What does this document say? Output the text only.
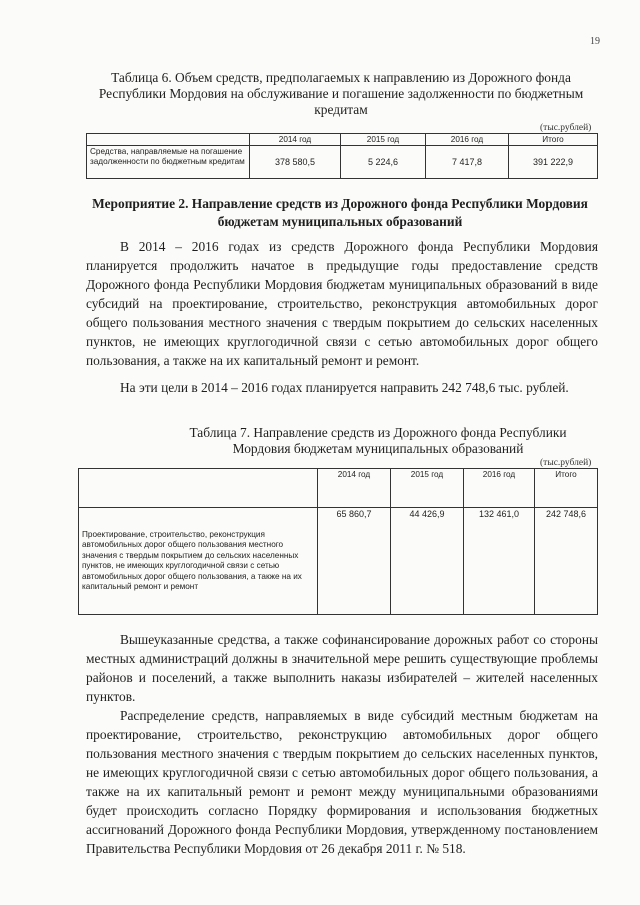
19
Таблица 6. Объем средств, предполагаемых к направлению из Дорожного фонда Республики Мордовия на обслуживание и погашение задолженности по бюджетным кредитам
(тыс.рублей)
	2014 год	2015 год	2016 год	Итого
Средства, направляемые на погашение задолженности по бюджетным кредитам	378 580,5	5 224,6	7 417,8	391 222,9
Мероприятие 2. Направление средств из Дорожного фонда Республики Мордовия бюджетам муниципальных образований

В 2014 – 2016 годах из средств Дорожного фонда Республики Мордовия планируется продолжить начатое в предыдущие годы предоставление средств Дорожного фонда Республики Мордовия бюджетам муниципальных образований в виде субсидий на проектирование, строительство, реконструкция автомобильных дорог общего пользования местного значения с твердым покрытием до сельских населенных пунктов, не имеющих круглогодичной связи с сетью автомобильных дорог общего пользования, а также на их капитальный ремонт и ремонт.

На эти цели в 2014 – 2016 годах планируется направить 242 748,6 тыс. рублей.

Таблица 7. Направление средств из Дорожного фонда Республики Мордовия бюджетам муниципальных образований
(тыс.рублей)
	2014 год	2015 год	2016 год	Итого
Проектирование, строительство, реконструкция автомобильных дорог общего пользования местного значения с твердым покрытием до сельских населенных пунктов, не имеющих круглогодичной связи с сетью автомобильных дорог общего пользования, а также на их капитальный ремонт и ремонт	65 860,7	44 426,9	132 461,0	242 748,6

Вышеуказанные средства, а также софинансирование дорожных работ со стороны местных администраций должны в значительной мере решить существующие проблемы районов и поселений, а также выполнить наказы избирателей – жителей населенных пунктов.

Распределение средств, направляемых в виде субсидий местным бюджетам на проектирование, строительство, реконструкцию автомобильных дорог общего пользования местного значения с твердым покрытием до сельских населенных пунктов, не имеющих круглогодичной связи с сетью автомобильных дорог общего пользования, а также на их капитальный ремонт и ремонт между муниципальными образованиями будет происходить согласно Порядку формирования и использования бюджетных ассигнований Дорожного фонда Республики Мордовия, утвержденному постановлением Правительства Республики Мордовия от 26 декабря 2011 г. № 518.
